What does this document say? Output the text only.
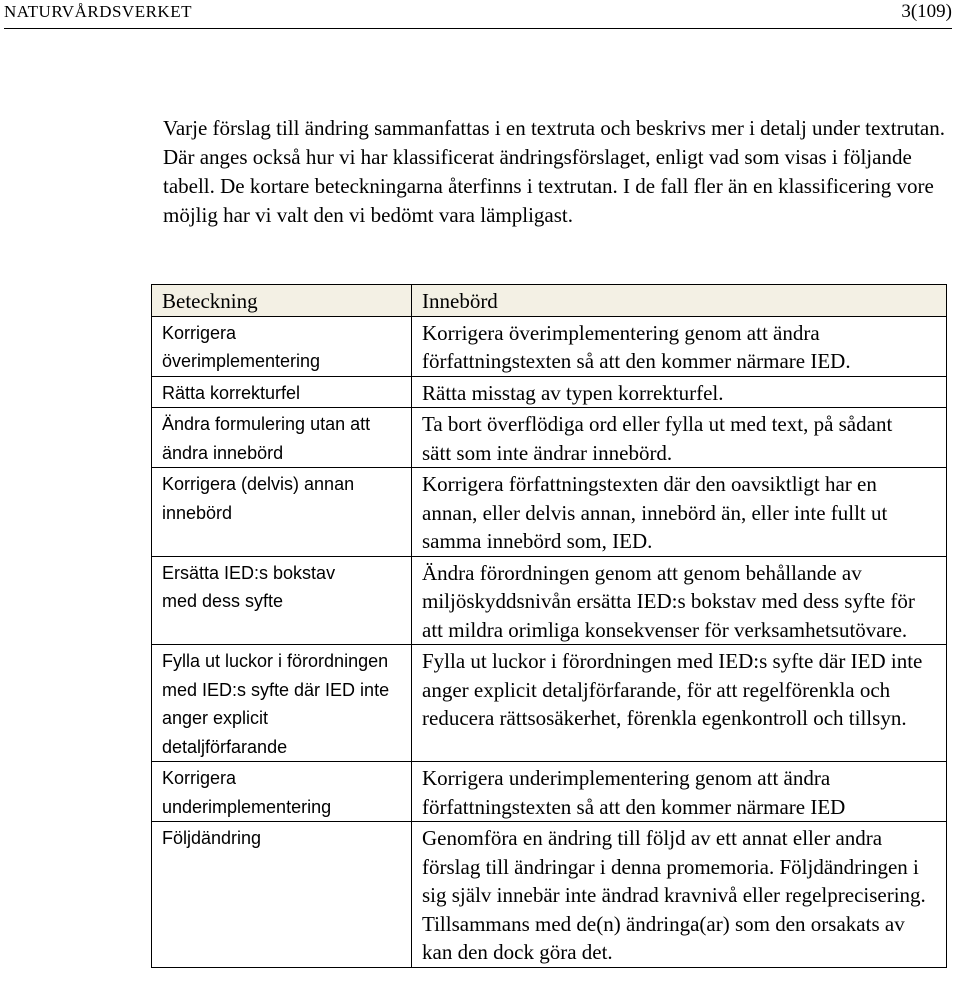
NATURVÅRDSVERKET	3(109)

Varje förslag till ändring sammanfattas i en textruta och beskrivs mer i detalj under textrutan. Där anges också hur vi har klassificerat ändringsförslaget, enligt vad som visas i följande tabell. De kortare beteckningarna återfinns i textrutan. I de fall fler än en klassificering vore möjlig har vi valt den vi bedömt vara lämpligast.

Beteckning	Innebörd
Korrigera överimplementering	Korrigera överimplementering genom att ändra författningstexten så att den kommer närmare IED.
Rätta korrekturfel	Rätta misstag av typen korrekturfel.
Ändra formulering utan att ändra innebörd	Ta bort överflödiga ord eller fylla ut med text, på sådant sätt som inte ändrar innebörd.
Korrigera (delvis) annan innebörd	Korrigera författningstexten där den oavsiktligt har en annan, eller delvis annan, innebörd än, eller inte fullt ut samma innebörd som, IED.
Ersätta IED:s bokstav med dess syfte	Ändra förordningen genom att genom behållande av miljöskyddsnivån ersätta IED:s bokstav med dess syfte för att mildra orimliga konsekvenser för verksamhetsutövare.
Fylla ut luckor i förordningen med IED:s syfte där IED inte anger explicit detaljförfarande	Fylla ut luckor i förordningen med IED:s syfte där IED inte anger explicit detaljförfarande, för att regelförenkla och reducera rättsosäkerhet, förenkla egenkontroll och tillsyn.
Korrigera underimplementering	Korrigera underimplementering genom att ändra författningstexten så att den kommer närmare IED
Följdändring	Genomföra en ändring till följd av ett annat eller andra förslag till ändringar i denna promemoria. Följdändringen i sig själv innebär inte ändrad kravnivå eller regelprecisering. Tillsammans med de(n) ändringa(ar) som den orsakats av kan den dock göra det.
